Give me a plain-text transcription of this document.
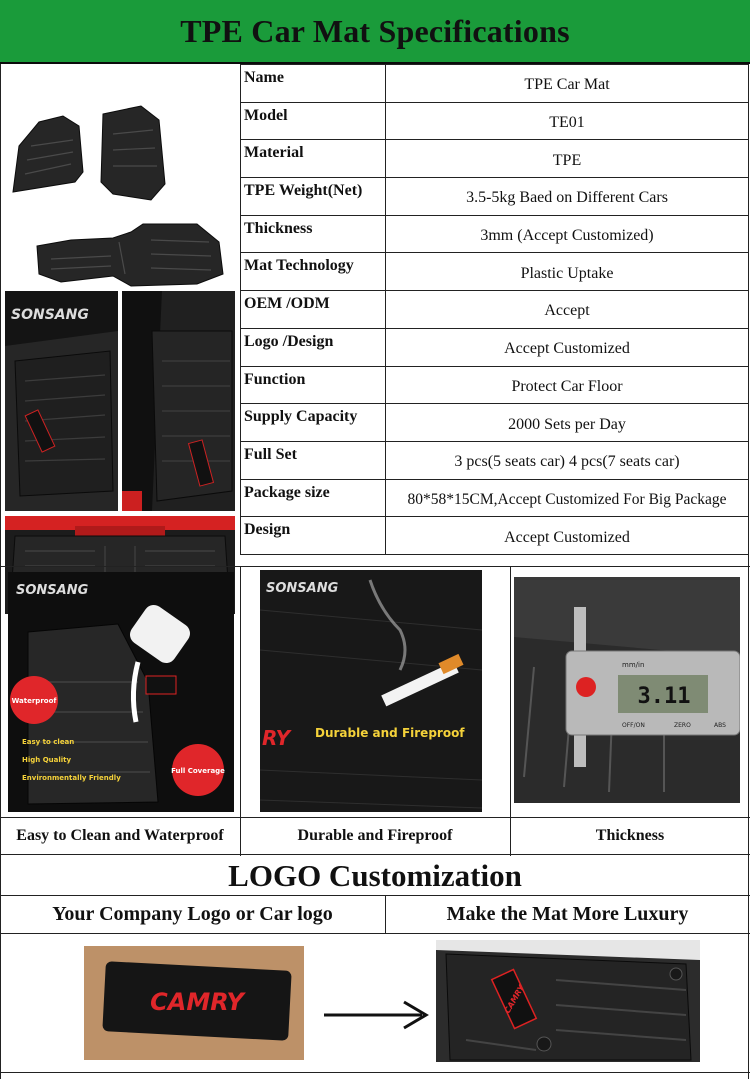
TPE Car Mat Specifications
SONSANG
Name	TPE Car Mat
Model	TE01
Material	TPE
TPE Weight(Net)	3.5-5kg Baed on Different Cars
Thickness	3mm (Accept Customized)
Mat Technology	Plastic Uptake
OEM /ODM	Accept
Logo /Design	Accept Customized
Function	Protect Car Floor
Supply Capacity	2000 Sets per Day
Full Set	3 pcs(5 seats car) 4 pcs(7 seats car)
Package size	80*58*15CM,Accept Customized For Big Package
Design	Accept Customized
Waterproof
Full Coverage
Easy to clean
High Quality
Environmentally Friendly
SONSANG
Durable and Fireproof
RY
SONSANG
3.11
mm/in
OFF/ON	ZERO	ABS
Easy to Clean and Waterproof	Durable and Fireproof	Thickness
LOGO Customization
Your Company Logo or Car logo	Make the Mat More Luxury
CAMRY	CAMRY
